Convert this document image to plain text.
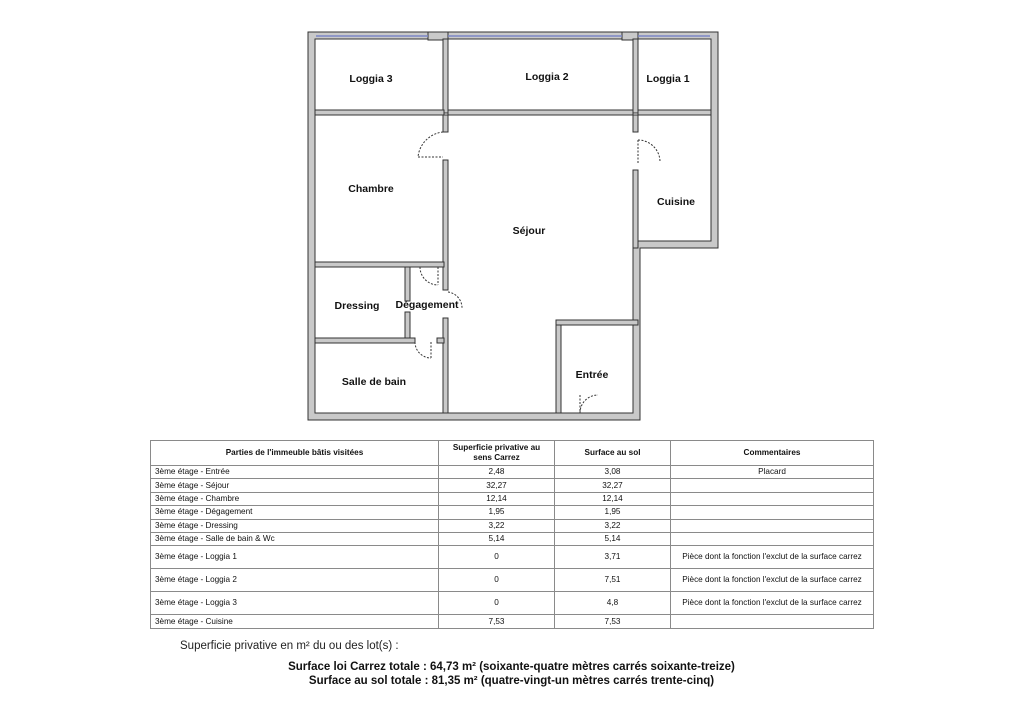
Loggia 3	Loggia 2	Loggia 1
Chambre
Séjour
Cuisine
Dressing Dégagement
Salle de bain
Entrée
Parties de l'immeuble bâtis visitées	Superficie privative au sens Carrez	Surface au sol	Commentaires
3ème étage - Entrée	2,48	3,08	Placard
3ème étage - Séjour	32,27	32,27	
3ème étage - Chambre	12,14	12,14	
3ème étage - Dégagement	1,95	1,95	
3ème étage - Dressing	3,22	3,22	
3ème étage - Salle de bain & Wc	5,14	5,14	
3ème étage - Loggia 1	0	3,71	Pièce dont la fonction l'exclut de la surface carrez
3ème étage - Loggia 2	0	7,51	Pièce dont la fonction l'exclut de la surface carrez
3ème étage - Loggia 3	0	4,8	Pièce dont la fonction l'exclut de la surface carrez
3ème étage - Cuisine	7,53	7,53	
Superficie privative en m² du ou des lot(s) :
Surface loi Carrez totale : 64,73 m² (soixante-quatre mètres carrés soixante-treize)
Surface au sol totale : 81,35 m² (quatre-vingt-un mètres carrés trente-cinq)
